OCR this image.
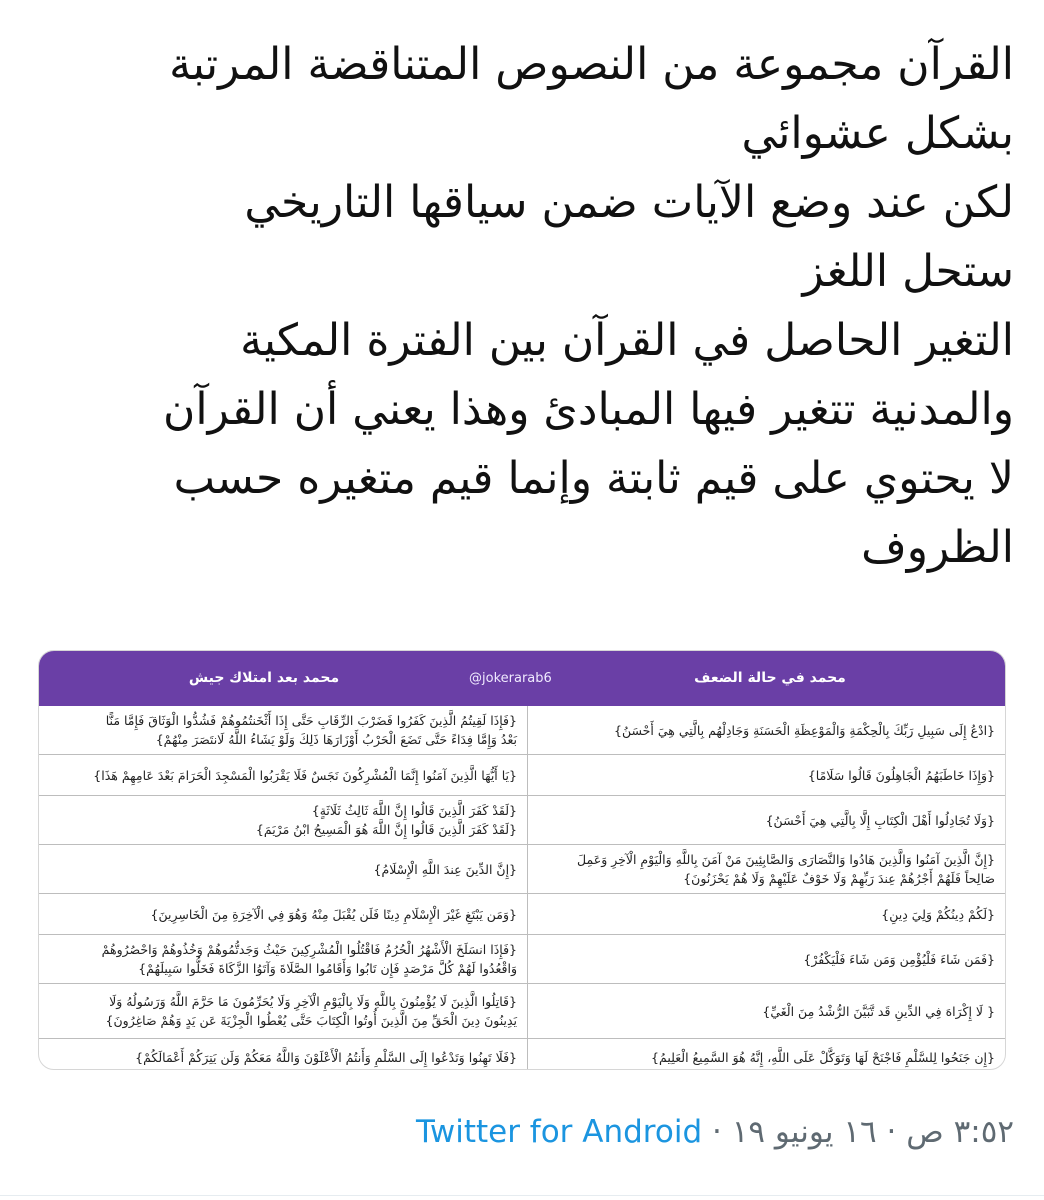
القرآن مجموعة من النصوص المتناقضة المرتبة
بشكل عشوائي
لكن عند وضع الآيات ضمن سياقها التاريخي
ستحل اللغز
التغير الحاصل في القرآن بين الفترة المكية
والمدنية تتغير فيها المبادئ وهذا يعني أن القرآن
لا يحتوي على قيم ثابتة وإنما قيم متغيره حسب
الظروف
محمد في حالة الضعف
@jokerarab6
محمد بعد امتلاك جيش
{ادْعُ إِلَى سَبِيلِ رَبِّكَ بِالْحِكْمَةِ وَالْمَوْعِظَةِ الْحَسَنَةِ وَجَادِلْهُم بِالَّتِي هِيَ أَحْسَنُ}
{فَإِذَا لَقِيتُمُ الَّذِينَ كَفَرُوا فَضَرْبَ الرِّقَابِ حَتَّى إِذَا أَثْخَنتُمُوهُمْ فَشُدُّوا الْوَثَاقَ فَإِمَّا مَنًّا
بَعْدُ وَإِمَّا فِدَاءً حَتَّى تَضَعَ الْحَرْبُ أَوْزَارَهَا ذَلِكَ وَلَوْ يَشَاءُ اللَّهُ لَانتَصَرَ مِنْهُمْ}
{وَإِذَا خَاطَبَهُمُ الْجَاهِلُونَ قَالُوا سَلَامًا}
{يَا أَيُّهَا الَّذِينَ آمَنُوا إِنَّمَا الْمُشْرِكُونَ نَجَسٌ فَلَا يَقْرَبُوا الْمَسْجِدَ الْحَرَامَ بَعْدَ عَامِهِمْ هَذَا}
{وَلَا تُجَادِلُوا أَهْلَ الْكِتَابِ إِلَّا بِالَّتِي هِيَ أَحْسَنُ}
{لَقَدْ كَفَرَ الَّذِينَ قَالُوا إِنَّ اللَّهَ ثَالِثُ ثَلَاثَةٍ}
{لَقَدْ كَفَرَ الَّذِينَ قَالُوا إِنَّ اللَّهَ هُوَ الْمَسِيحُ ابْنُ مَرْيَمَ}
{إِنَّ الَّذِينَ آمَنُوا وَالَّذِينَ هَادُوا وَالنَّصَارَى وَالصَّابِئِينَ مَنْ آمَنَ بِاللَّهِ وَالْيَوْمِ الْآخِرِ وَعَمِلَ
صَالِحاً فَلَهُمْ أَجْرُهُمْ عِندَ رَبِّهِمْ وَلَا خَوْفٌ عَلَيْهِمْ وَلَا هُمْ يَحْزَنُونَ}
{إِنَّ الدِّينَ عِندَ اللَّهِ الْإِسْلَامُ}
{لَكُمْ دِينُكُمْ وَلِيَ دِينِ}
{وَمَن يَبْتَغِ غَيْرَ الْإِسْلَامِ دِينًا فَلَن يُقْبَلَ مِنْهُ وَهُوَ فِي الْآخِرَةِ مِنَ الْخَاسِرِينَ}
{فَمَن شَاءَ فَلْيُؤْمِن وَمَن شَاءَ فَلْيَكْفُرْ}
{فَإِذَا انسَلَخَ الْأَشْهُرُ الْحُرُمُ فَاقْتُلُوا الْمُشْرِكِينَ حَيْثُ وَجَدتُّمُوهُمْ وَخُذُوهُمْ وَاحْصُرُوهُمْ
وَاقْعُدُوا لَهُمْ كُلَّ مَرْصَدٍ فَإِن تَابُوا وَأَقَامُوا الصَّلَاةَ وَآتَوُا الزَّكَاةَ فَخَلُّوا سَبِيلَهُمْ}
{ لَا إِكْرَاهَ فِي الدِّينِ قَد تَّبَيَّنَ الرُّشْدُ مِنَ الْغَيِّ}
{قَاتِلُوا الَّذِينَ لَا يُؤْمِنُونَ بِاللَّهِ وَلَا بِالْيَوْمِ الْآخِرِ وَلَا يُحَرِّمُونَ مَا حَرَّمَ اللَّهُ وَرَسُولُهُ وَلَا
يَدِينُونَ دِينَ الْحَقِّ مِنَ الَّذِينَ أُوتُوا الْكِتَابَ حَتَّى يُعْطُوا الْجِزْيَةَ عَن يَدٍ وَهُمْ صَاغِرُونَ}
{إِن جَنَحُوا لِلسَّلْمِ فَاجْنَحْ لَهَا وَتَوَكَّلْ عَلَى اللَّهِ، إِنَّهُ هُوَ السَّمِيعُ الْعَلِيمُ}
{فَلَا تَهِنُوا وَتَدْعُوا إِلَى السَّلْمِ وَأَنتُمُ الْأَعْلَوْنَ وَاللَّهُ مَعَكُمْ وَلَن يَتِرَكُمْ أَعْمَالَكُمْ}
٣:٥٢ ص · ١٦ يونيو ١٩ · Twitter for Android
